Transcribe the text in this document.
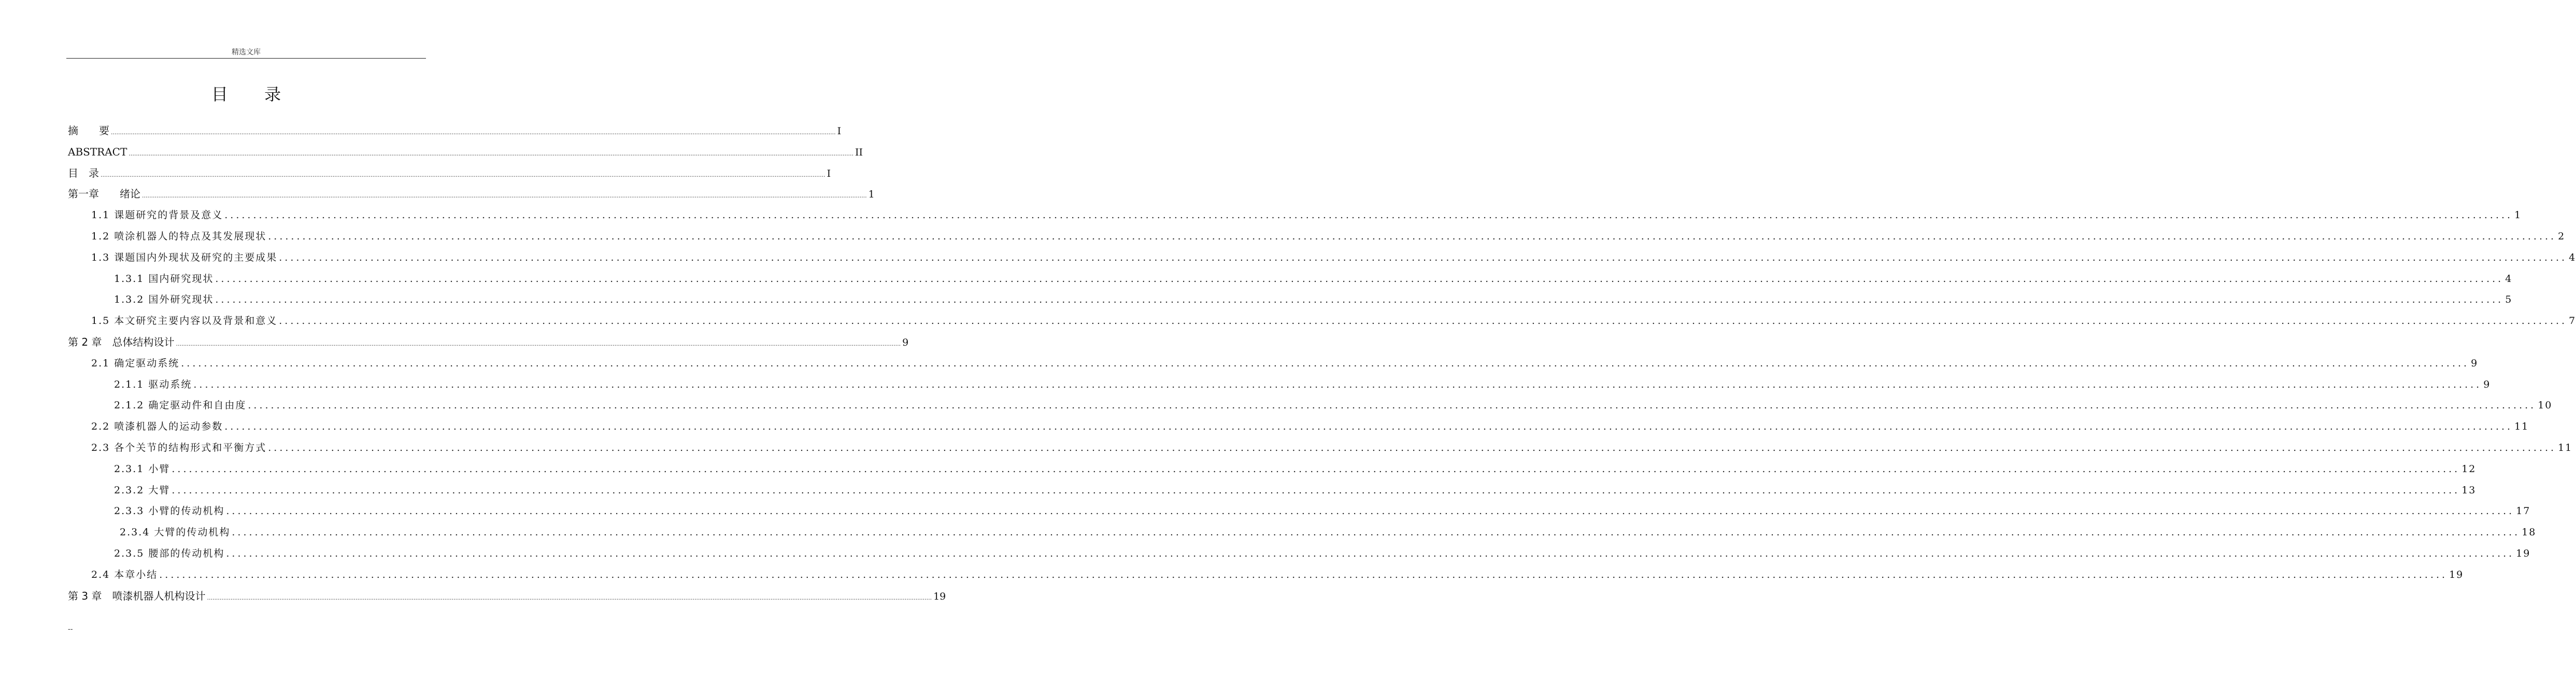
精选文库
目 录
摘　　要 ................................................................................................................................................................................................................................................................................................................................................................................................................ I
ABSTRACT ................................................................................................................................................................................................................................................................................................................................................................................................................ II
目　录 ................................................................................................................................................................................................................................................................................................................................................................................................................ I
第一章　　绪论 ................................................................................................................................................................................................................................................................................................................................................................................................................ 1
1.1 课题研究的背景及意义 ................................................................................................................................................................................................................................................................................................................................................................................................................ 1
1.2 喷涂机器人的特点及其发展现状 ................................................................................................................................................................................................................................................................................................................................................................................................................ 2
1.3 课题国内外现状及研究的主要成果 ................................................................................................................................................................................................................................................................................................................................................................................................................ 4
1.3.1 国内研究现状 ................................................................................................................................................................................................................................................................................................................................................................................................................ 4
1.3.2 国外研究现状 ................................................................................................................................................................................................................................................................................................................................................................................................................ 5
1.5 本文研究主要内容以及背景和意义 ................................................................................................................................................................................................................................................................................................................................................................................................................ 7
第 2 章　总体结构设计 ................................................................................................................................................................................................................................................................................................................................................................................................................ 9
2.1 确定驱动系统 ................................................................................................................................................................................................................................................................................................................................................................................................................ 9
2.1.1 驱动系统 ................................................................................................................................................................................................................................................................................................................................................................................................................ 9
2.1.2 确定驱动件和自由度 ................................................................................................................................................................................................................................................................................................................................................................................................................ 10
2.2 喷漆机器人的运动参数 ................................................................................................................................................................................................................................................................................................................................................................................................................ 11
2.3 各个关节的结构形式和平衡方式 ................................................................................................................................................................................................................................................................................................................................................................................................................ 11
2.3.1 小臂 ................................................................................................................................................................................................................................................................................................................................................................................................................ 12
2.3.2 大臂 ................................................................................................................................................................................................................................................................................................................................................................................................................ 13
2.3.3 小臂的传动机构 ................................................................................................................................................................................................................................................................................................................................................................................................................ 17
2.3.4 大臂的传动机构 ................................................................................................................................................................................................................................................................................................................................................................................................................ 18
2.3.5 腰部的传动机构 ................................................................................................................................................................................................................................................................................................................................................................................................................ 19
2.4 本章小结 ................................................................................................................................................................................................................................................................................................................................................................................................................ 19
第 3 章　喷漆机器人机构设计 ................................................................................................................................................................................................................................................................................................................................................................................................................ 19
--
